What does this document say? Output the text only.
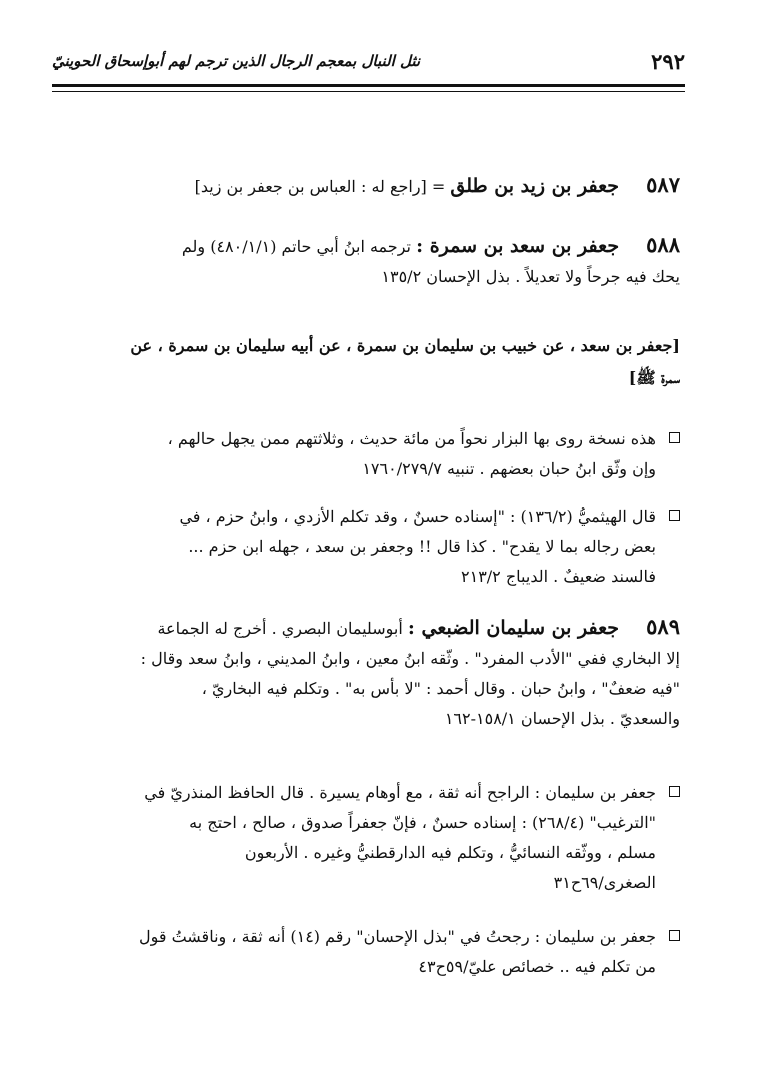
٢٩٢
نثل النبال بمعجم الرجال الذين ترجم لهم أبوإسحاق الحوينيّ
٥٨٧ جعفر بن زيد بن طلق = [راجع له : العباس بن جعفر بن زيد]
٥٨٨ جعفر بن سعد بن سمرة : ترجمه ابنُ أبي حاتم (٤٨٠/١/١) ولم
يحك فيه جرحاً ولا تعديلاً . بذل الإحسان ١٣٥/٢
[جعفر بن سعد ، عن خبيب بن سليمان بن سمرة ، عن أبيه سليمان بن سمرة ، عن
سمرة ﷺ]
هذه نسخة روى بها البزار نحواً من مائة حديث ، وثلاثتهم ممن يجهل حالهم ،
وإن وثّق ابنُ حبان بعضهم . تنبيه ١٧٦٠/٢٧٩/٧
قال الهيثميُّ (١٣٦/٢) : "إسناده حسنٌ ، وقد تكلم الأزدي ، وابنُ حزم ، في
بعض رجاله بما لا يقدح" . كذا قال !! وجعفر بن سعد ، جهله ابن حزم ...
فالسند ضعيفٌ . الديباج ٢١٣/٢
٥٨٩ جعفر بن سليمان الضبعي : أبوسليمان البصري . أخرج له الجماعة
إلا البخاري ففي "الأدب المفرد" . وثّقه ابنُ معين ، وابنُ المديني ، وابنُ سعد وقال :
"فيه ضعفٌ" ، وابنُ حبان . وقال أحمد : "لا بأس به" . وتكلم فيه البخاريّ ،
والسعديّ . بذل الإحسان ١٥٨/١-١٦٢
جعفر بن سليمان : الراجح أنه ثقة ، مع أوهام يسيرة . قال الحافظ المنذريّ في
"الترغيب" (٢٦٨/٤) : إسناده حسنٌ ، فإنّ جعفراً صدوق ، صالح ، احتج به
مسلم ، ووثّقه النسائيُّ ، وتكلم فيه الدارقطنيُّ وغيره . الأربعون
الصغرى/٦٩ح٣١
جعفر بن سليمان : رجحتُ في "بذل الإحسان" رقم (١٤) أنه ثقة ، وناقشتُ قول
من تكلم فيه .. خصائص عليّ/٥٩ح٤٣
